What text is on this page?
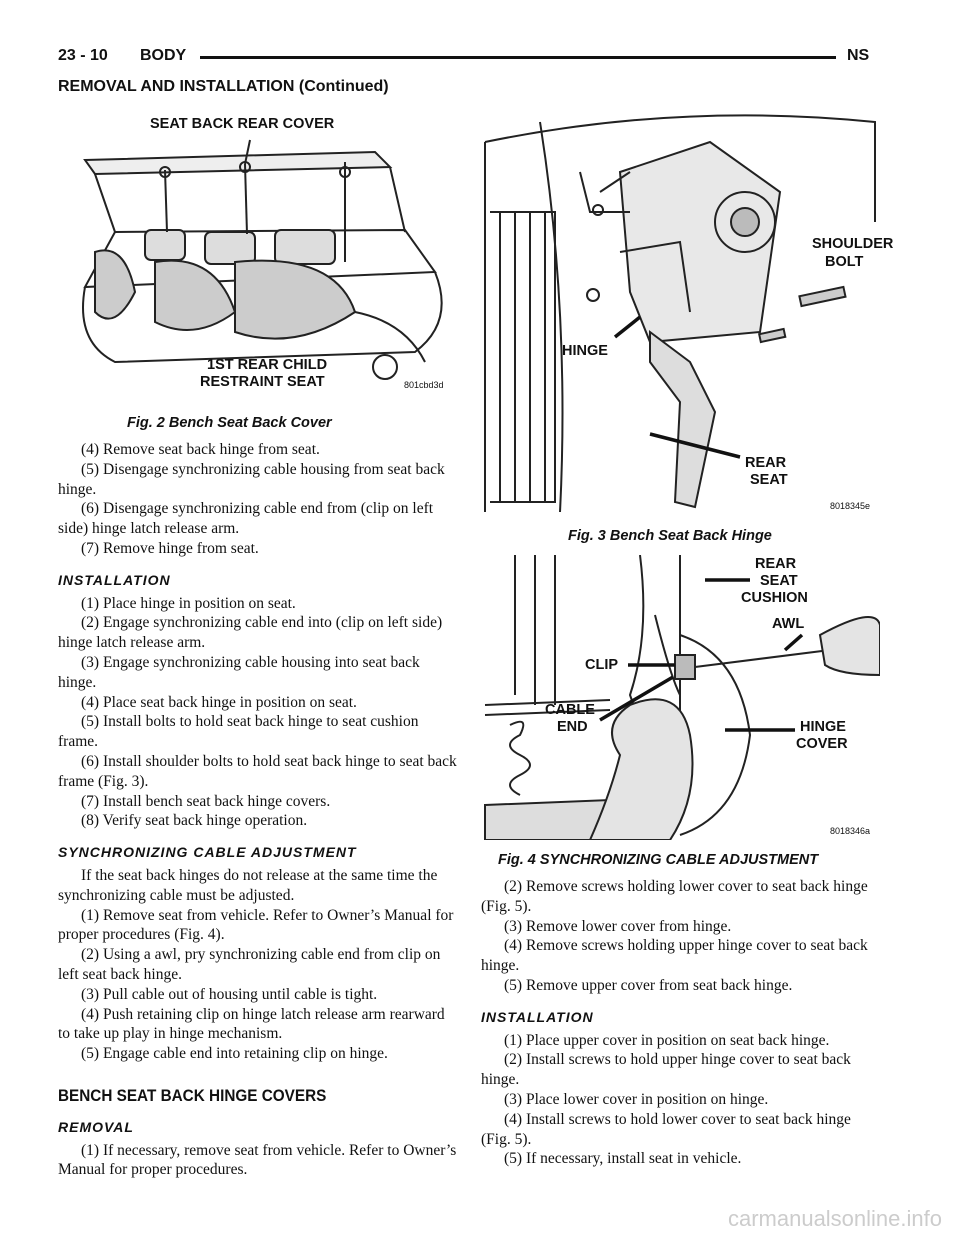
23 - 10 BODY	NS
REMOVAL AND INSTALLATION (Continued)
SEAT BACK REAR COVER
1ST REAR CHILD
RESTRAINT SEAT	801cbd3d
Fig. 2 Bench Seat Back Cover

(4) Remove seat back hinge from seat.

(5) Disengage synchronizing cable housing from seat back hinge.

(6) Disengage synchronizing cable end from (clip on left side) hinge latch release arm.

(7) Remove hinge from seat.

INSTALLATION

(1) Place hinge in position on seat.

(2) Engage synchronizing cable end into (clip on left side) hinge latch release arm.

(3) Engage synchronizing cable housing into seat back hinge.

(4) Place seat back hinge in position on seat.

(5) Install bolts to hold seat back hinge to seat cushion frame.

(6) Install shoulder bolts to hold seat back hinge to seat back frame (Fig. 3).

(7) Install bench seat back hinge covers.

(8) Verify seat back hinge operation.

SYNCHRONIZING CABLE ADJUSTMENT

If the seat back hinges do not release at the same time the synchronizing cable must be adjusted.

(1) Remove seat from vehicle. Refer to Owner’s Manual for proper procedures (Fig. 4).

(2) Using a awl, pry synchronizing cable end from clip on left seat back hinge.

(3) Pull cable out of housing until cable is tight.

(4) Push retaining clip on hinge latch release arm rearward to take up play in hinge mechanism.

(5) Engage cable end into retaining clip on hinge.

BENCH SEAT BACK HINGE COVERS
REMOVAL

(1) If necessary, remove seat from vehicle. Refer to Owner’s Manual for proper procedures.

SHOULDER
BOLT
HINGE
REAR
SEAT
8018345e
Fig. 3 Bench Seat Back Hinge
REAR
SEAT
CUSHION
AWL
CLIP
CABLE
END	HINGE
COVER
8018346a
Fig. 4 SYNCHRONIZING CABLE ADJUSTMENT

(2) Remove screws holding lower cover to seat back hinge (Fig. 5).

(3) Remove lower cover from hinge.

(4) Remove screws holding upper hinge cover to seat back hinge.

(5) Remove upper cover from seat back hinge.

INSTALLATION

(1) Place upper cover in position on seat back hinge.

(2) Install screws to hold upper hinge cover to seat back hinge.

(3) Place lower cover in position on hinge.

(4) Install screws to hold lower cover to seat back hinge (Fig. 5).

(5) If necessary, install seat in vehicle.

carmanualsonline.info
